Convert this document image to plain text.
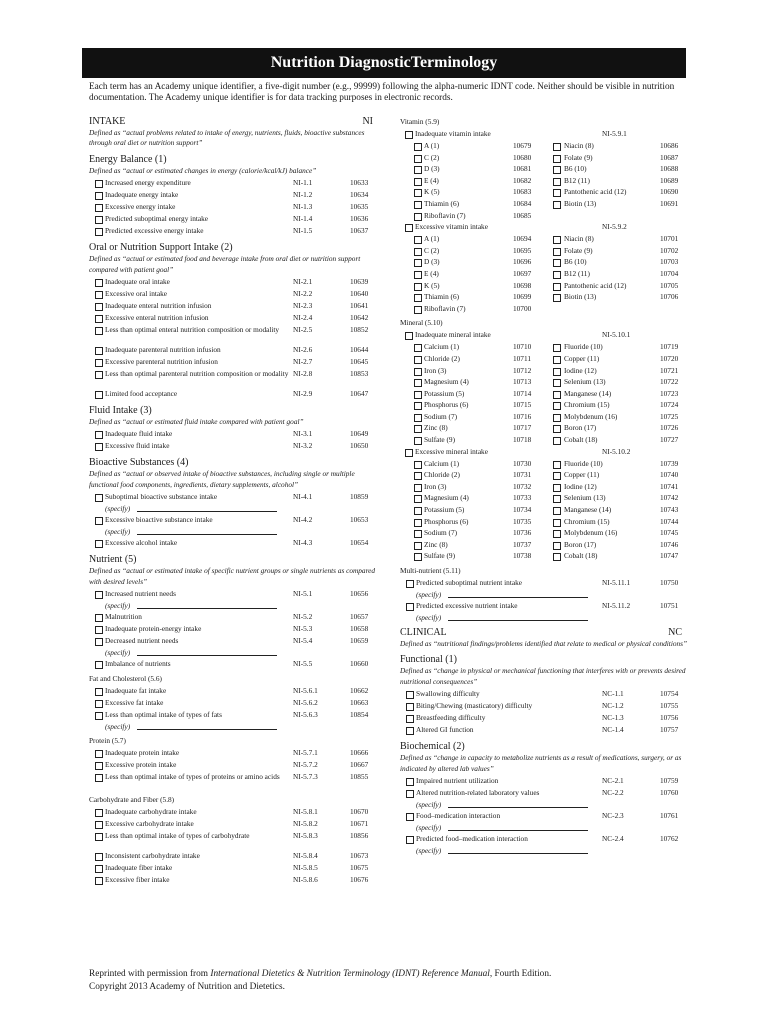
Nutrition DiagnosticTerminology
Each term has an Academy unique identifier, a five-digit number (e.g., 99999) following the alpha-numeric IDNT code. Neither should be visible in nutrition documentation. The Academy unique identifier is for data tracking purposes in electronic records.
INTAKE	NI
Defined as “actual problems related to intake of energy, nutrients, fluids, bioactive substances through oral diet or nutrition support”
Energy Balance (1)
Defined as “actual or estimated changes in energy (calorie/kcal/kJ) balance”
Increased energy expenditure	NI-1.1	10633
Inadequate energy intake	NI-1.2	10634
Excessive energy intake	NI-1.3	10635
Predicted suboptimal energy intake	NI-1.4	10636
Predicted excessive energy intake	NI-1.5	10637
Oral or Nutrition Support Intake (2)
Defined as “actual or estimated food and beverage intake from oral diet or nutrition support compared with patient goal”
Inadequate oral intake	NI-2.1	10639
Excessive oral intake	NI-2.2	10640
Inadequate enteral nutrition infusion	NI-2.3	10641
Excessive enteral nutrition infusion	NI-2.4	10642
Less than optimal enteral nutrition composition or modality	NI-2.5	10852
Inadequate parenteral nutrition infusion	NI-2.6	10644
Excessive parenteral nutrition infusion	NI-2.7	10645
Less than optimal parenteral nutrition composition or modality NI-2.8	10853
Limited food acceptance	NI-2.9	10647
Fluid Intake (3)
Defined as “actual or estimated fluid intake compared with patient goal”
Inadequate fluid intake	NI-3.1	10649
Excessive fluid intake	NI-3.2	10650
Bioactive Substances (4)
Defined as “actual or observed intake of bioactive substances, including single or multiple functional food components, ingredients, dietary supplements, alcohol”
Suboptimal bioactive substance intake	NI-4.1	10859
(specify)
Excessive bioactive substance intake	NI-4.2	10653
(specify)
Excessive alcohol intake	NI-4.3	10654
Nutrient (5)
Defined as “actual or estimated intake of specific nutrient groups or single nutrients as compared with desired levels”
Increased nutrient needs	NI-5.1	10656
(specify)
Malnutrition	NI-5.2	10657
Inadequate protein-energy intake	NI-5.3	10658
Decreased nutrient needs	NI-5.4	10659
(specify)
Imbalance of nutrients	NI-5.5	10660
Fat and Cholesterol (5.6)
Inadequate fat intake	NI-5.6.1	10662
Excessive fat intake	NI-5.6.2	10663
Less than optimal intake of types of fats	NI-5.6.3	10854
(specify)
Protein (5.7)
Inadequate protein intake	NI-5.7.1	10666
Excessive protein intake	NI-5.7.2	10667
Less than optimal intake of types of proteins or amino acids	NI-5.7.3	10855
Carbohydrate and Fiber (5.8)
Inadequate carbohydrate intake	NI-5.8.1	10670
Excessive carbohydrate intake	NI-5.8.2	10671
Less than optimal intake of types of carbohydrate	NI-5.8.3	10856
Inconsistent carbohydrate intake	NI-5.8.4	10673
Inadequate fiber intake	NI-5.8.5	10675
Excessive fiber intake	NI-5.8.6	10676
Vitamin (5.9)
Inadequate vitamin intake	NI-5.9.1
A (1)	10679	Niacin (8)	10686
C (2)	10680	Folate (9)	10687
D (3)	10681	B6 (10)	10688
E (4)	10682	B12 (11)	10689
K (5)	10683	Pantothenic acid (12)	10690
Thiamin (6)	10684	Biotin (13)	10691
Riboflavin (7)	10685
Excessive vitamin intake	NI-5.9.2
A (1)	10694	Niacin (8)	10701
C (2)	10695	Folate (9)	10702
D (3)	10696	B6 (10)	10703
E (4)	10697	B12 (11)	10704
K (5)	10698	Pantothenic acid (12)	10705
Thiamin (6)	10699	Biotin (13)	10706
Riboflavin (7)	10700
Mineral (5.10)
Inadequate mineral intake	NI-5.10.1
Calcium (1)	10710	Fluoride (10)	10719
Chloride (2)	10711	Copper (11)	10720
Iron (3)	10712	Iodine (12)	10721
Magnesium (4)	10713	Selenium (13)	10722
Potassium (5)	10714	Manganese (14)	10723
Phosphorus (6)	10715	Chromium (15)	10724
Sodium (7)	10716	Molybdenum (16)	10725
Zinc (8)	10717	Boron (17)	10726
Sulfate (9)	10718	Cobalt (18)	10727
Excessive mineral intake	NI-5.10.2
Calcium (1)	10730	Fluoride (10)	10739
Chloride (2)	10731	Copper (11)	10740
Iron (3)	10732	Iodine (12)	10741
Magnesium (4)	10733	Selenium (13)	10742
Potassium (5)	10734	Manganese (14)	10743
Phosphorus (6)	10735	Chromium (15)	10744
Sodium (7)	10736	Molybdenum (16)	10745
Zinc (8)	10737	Boron (17)	10746
Sulfate (9)	10738	Cobalt (18)	10747
Multi-nutrient (5.11)
Predicted suboptimal nutrient intake	NI-5.11.1	10750
(specify)
Predicted excessive nutrient intake	NI-5.11.2	10751
(specify)
CLINICAL	NC
Defined as “nutritional findings/problems identified that relate to medical or physical conditions”
Functional (1)
Defined as “change in physical or mechanical functioning that interferes with or prevents desired nutritional consequences”
Swallowing difficulty	NC-1.1	10754
Biting/Chewing (masticatory) difficulty	NC-1.2	10755
Breastfeeding difficulty	NC-1.3	10756
Altered GI function	NC-1.4	10757
Biochemical (2)
Defined as “change in capacity to metabolize nutrients as a result of medications, surgery, or as indicated by altered lab values”
Impaired nutrient utilization	NC-2.1	10759
Altered nutrition-related laboratory values	NC-2.2	10760
(specify)
Food–medication interaction	NC-2.3	10761
(specify)
Predicted food–medication interaction	NC-2.4	10762
(specify)
Reprinted with permission from International Dietetics & Nutrition Terminology (IDNT) Reference Manual, Fourth Edition.
Copyright 2013 Academy of Nutrition and Dietetics.
